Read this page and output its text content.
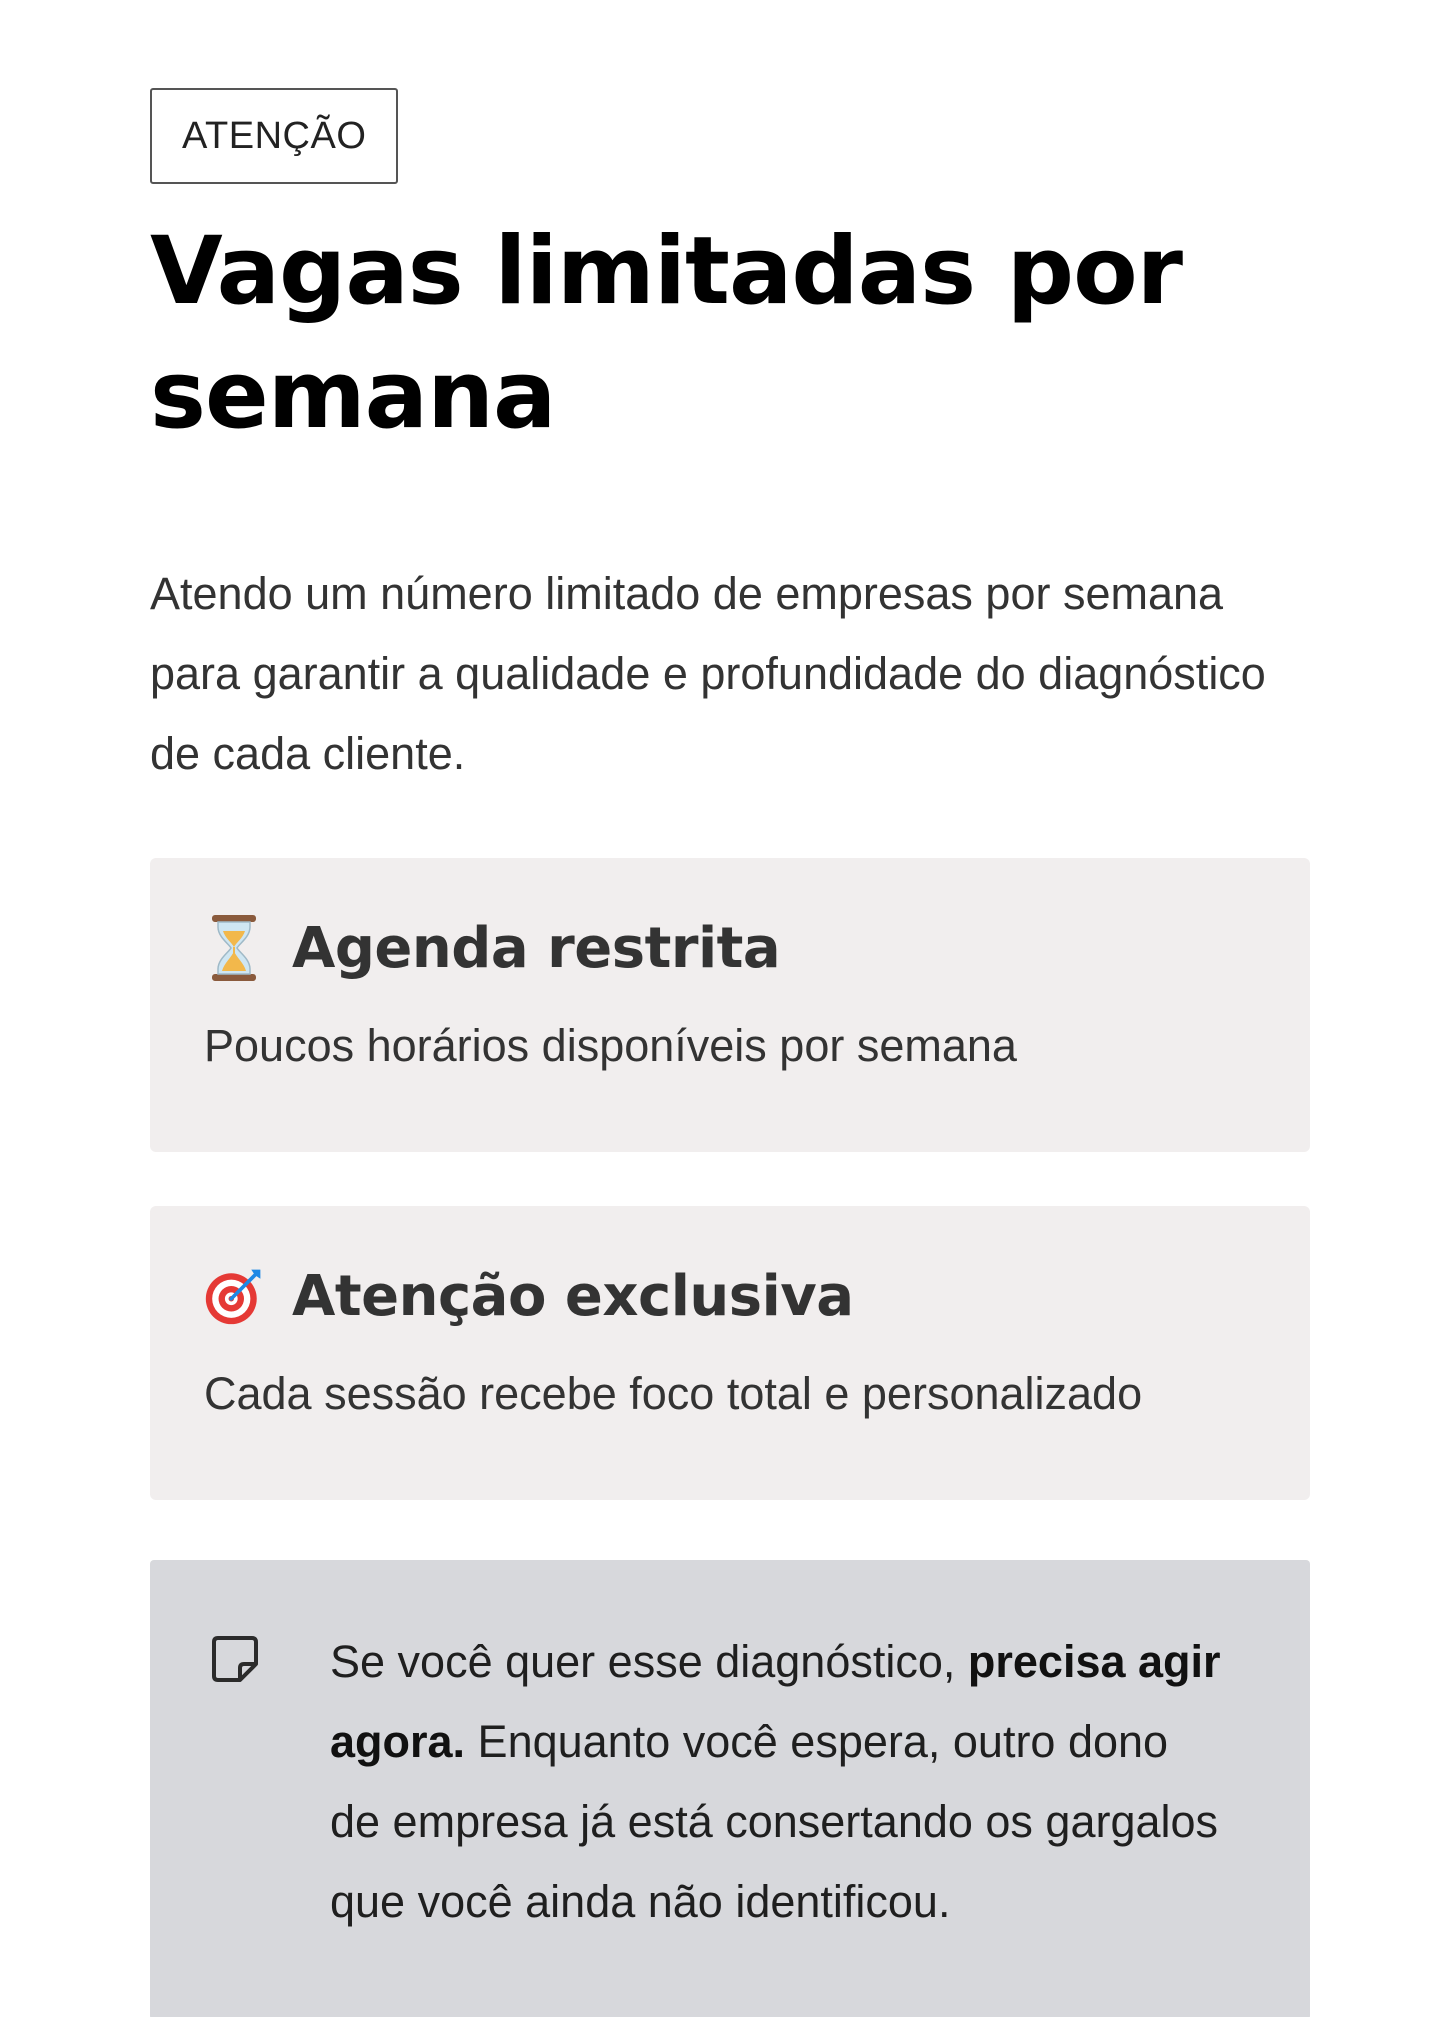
ATENÇÃO
Vagas limitadas por semana

Atendo um número limitado de empresas por semana para garantir a qualidade e profundidade do diagnóstico de cada cliente.

Agenda restrita

Poucos horários disponíveis por semana

Atenção exclusiva

Cada sessão recebe foco total e personalizado

Se você quer esse diagnóstico, precisa agir agora. Enquanto você espera, outro dono de empresa já está consertando os gargalos que você ainda não identificou.
